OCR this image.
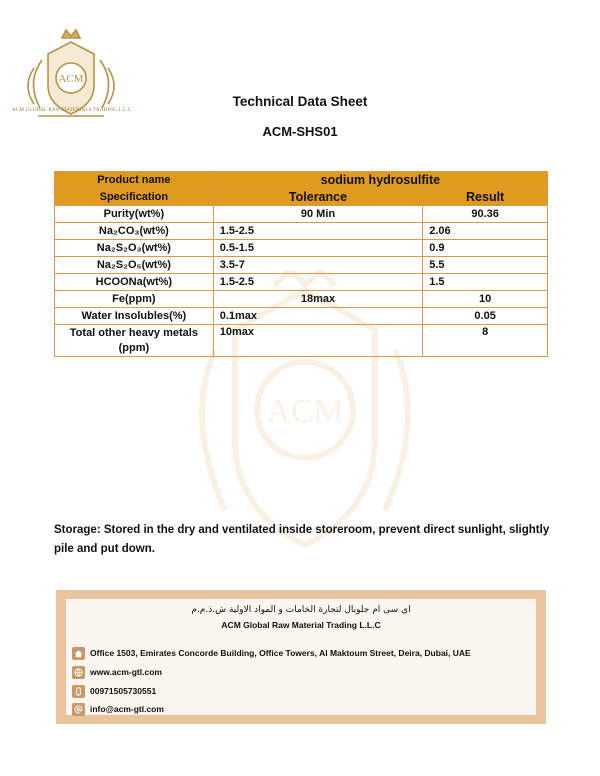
ACM
ACM
ACM GLOBAL RAW MATERIALS TRADING L.L.C
Technical Data Sheet
ACM-SHS01
Product name	sodium hydrosulfite	
Specification	Tolerance	Result
Purity(wt%)	90 Min	90.36
Na₂CO₃(wt%)	1.5-2.5	2.06
Na₂S₂O₃(wt%)	0.5-1.5	0.9
Na₂S₂O₅(wt%)	3.5-7	5.5
HCOONa(wt%)	1.5-2.5	1.5
Fe(ppm)	18max	10
Water Insolubles(%)	0.1max	0.05
Total other heavy metals (ppm)	10max	8
Storage: Stored in the dry and ventilated inside storeroom, prevent direct sunlight, slightly pile and put down.
ای سی ام جلوبال لتجارة الخامات و المواد الاولية ش.ذ.م.م
ACM Global Raw Material Trading L.L.C
Office 1503, Emirates Concorde Building, Office Towers, Al Maktoum Street, Deira, Dubai, UAE
www.acm-gtl.com
00971505730551
info@acm-gtl.com
